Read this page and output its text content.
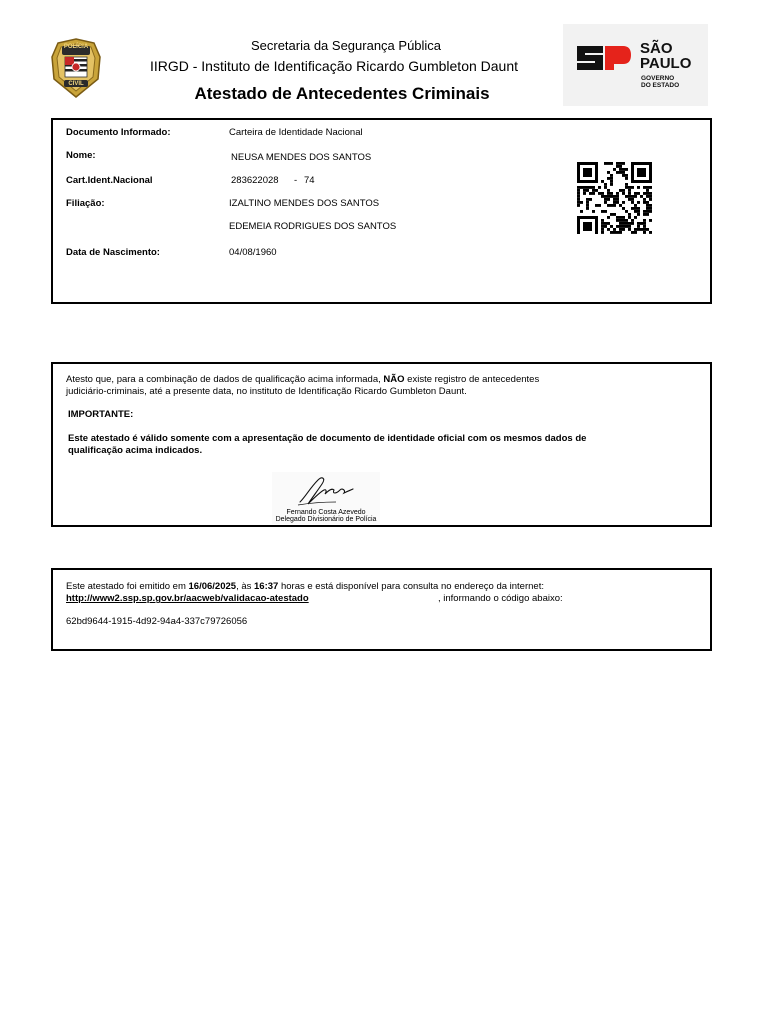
POLÍCIA
CIVIL
Secretaria da Segurança Pública
IIRGD - Instituto de Identificação Ricardo Gumbleton Daunt
Atestado de Antecedentes Criminais
SÃO
PAULO
GOVERNO
DO ESTADO
Documento Informado:	Carteira de Identidade Nacional
Nome:	NEUSA MENDES DOS SANTOS
Cart.Ident.Nacional	283622028 - 74
Filiação:	IZALTINO MENDES DOS SANTOS
EDEMEIA RODRIGUES DOS SANTOS
Data de Nascimento:	04/08/1960
Atesto que, para a combinação de dados de qualificação acima informada, NÃO existe registro de antecedentes
judiciário-criminais, até a presente data, no instituto de Identificação Ricardo Gumbleton Daunt.
IMPORTANTE:
Este atestado é válido somente com a apresentação de documento de identidade oficial com os mesmos dados de
qualificação acima indicados.
Fernando Costa Azevedo
Delegado Divisionário de Polícia
Este atestado foi emitido em 16/06/2025, às 16:37 horas e está disponível para consulta no endereço da internet:
http://www2.ssp.sp.gov.br/aacweb/validacao-atestado	, informando o código abaixo:
62bd9644-1915-4d92-94a4-337c79726056
